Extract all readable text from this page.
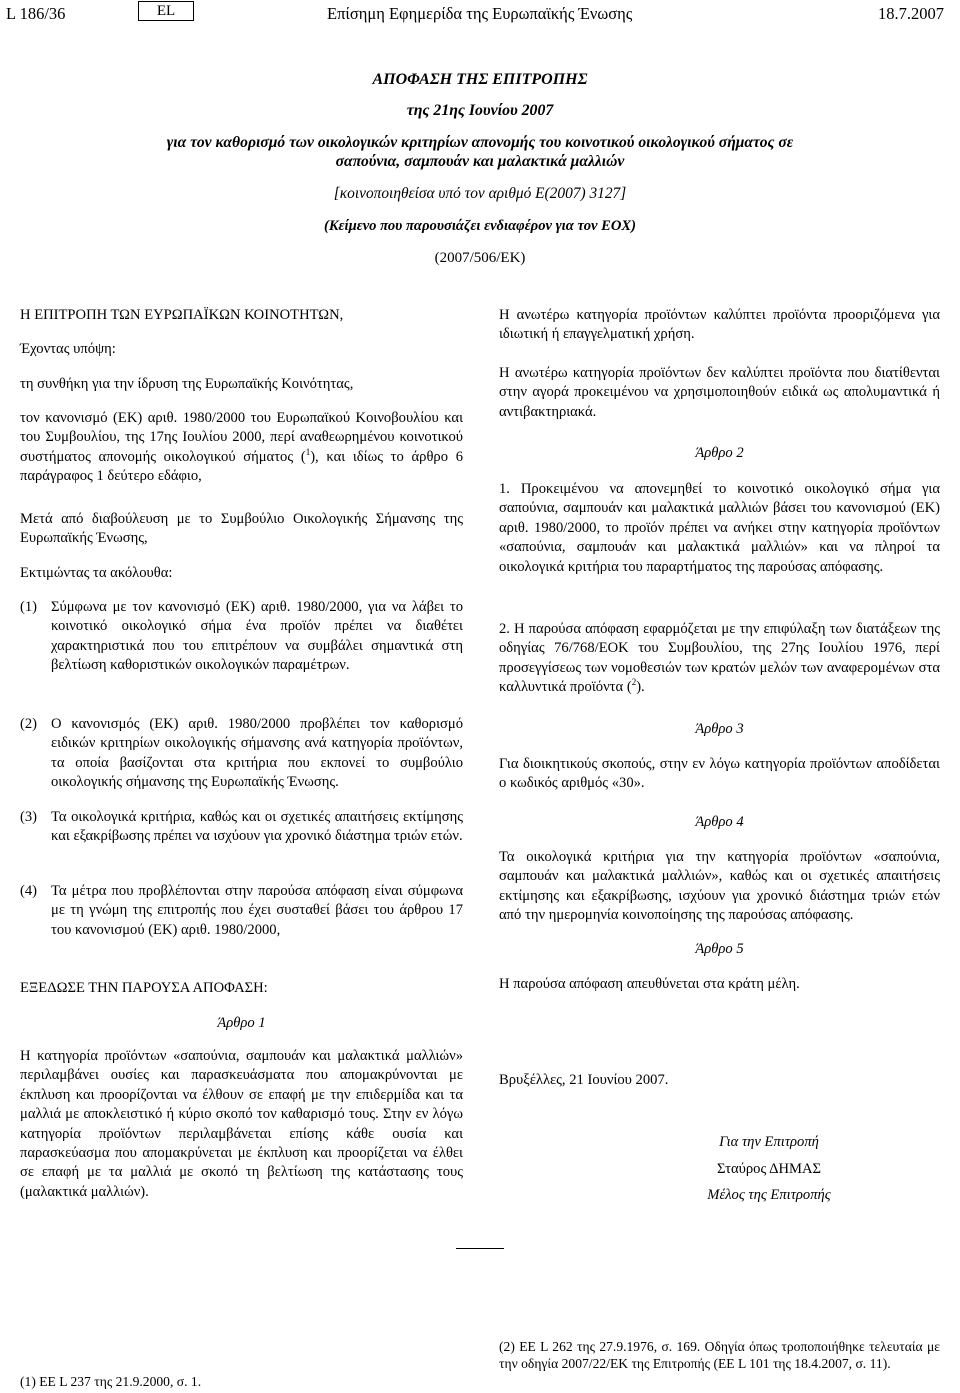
L 186/36	EL	Επίσημη Εφημερίδα της Ευρωπαϊκής Ένωσης	18.7.2007
ΑΠΟΦΑΣΗ ΤΗΣ ΕΠΙΤΡΟΠΗΣ
της 21ης Ιουνίου 2007
για τον καθορισμό των οικολογικών κριτηρίων απονομής του κοινοτικού οικολογικού σήματος σε
σαπούνια, σαμπουάν και μαλακτικά μαλλιών
[κοινοποιηθείσα υπό τον αριθμό Ε(2007) 3127]
(Κείμενο που παρουσιάζει ενδιαφέρον για τον ΕΟΧ)
(2007/506/ΕΚ)
Η ΕΠΙΤΡΟΠΗ ΤΩΝ ΕΥΡΩΠΑΪΚΩΝ ΚΟΙΝΟΤΗΤΩΝ,
Έχοντας υπόψη:
τη συνθήκη για την ίδρυση της Ευρωπαϊκής Κοινότητας,

τον κανονισμό (ΕΚ) αριθ. 1980/2000 του Ευρωπαϊκού Κοινοβουλίου και του Συμβουλίου, της 17ης Ιουλίου 2000, περί αναθεωρημένου κοινοτικού συστήματος απονομής οικολογικού σήματος ($^1$), και ιδίως το άρθρο 6 παράγραφος 1 δεύτερο εδάφιο,

Μετά από διαβούλευση με το Συμβούλιο Οικολογικής Σήμανσης της Ευρωπαϊκής Ένωσης,

Εκτιμώντας τα ακόλουθα:
(1) Σύμφωνα με τον κανονισμό (ΕΚ) αριθ. 1980/2000, για να λάβει το κοινοτικό οικολογικό σήμα ένα προϊόν πρέπει να διαθέτει χαρακτηριστικά που του επιτρέπουν να συμβάλει σημαντικά στη βελτίωση καθοριστικών οικολογικών παραμέτρων.

(2) Ο κανονισμός (ΕΚ) αριθ. 1980/2000 προβλέπει τον καθορισμό ειδικών κριτηρίων οικολογικής σήμανσης ανά κατηγορία προϊόντων, τα οποία βασίζονται στα κριτήρια που εκπονεί το συμβούλιο οικολογικής σήμανσης της Ευρωπαϊκής Ένωσης.

(3) Τα οικολογικά κριτήρια, καθώς και οι σχετικές απαιτήσεις εκτίμησης και εξακρίβωσης πρέπει να ισχύουν για χρονικό διάστημα τριών ετών.

(4) Τα μέτρα που προβλέπονται στην παρούσα απόφαση είναι σύμφωνα με τη γνώμη της επιτροπής που έχει συσταθεί βάσει του άρθρου 17 του κανονισμού (ΕΚ) αριθ. 1980/2000,

ΕΞΕΔΩΣΕ ΤΗΝ ΠΑΡΟΥΣΑ ΑΠΟΦΑΣΗ:
Άρθρο 1

Η κατηγορία προϊόντων «σαπούνια, σαμπουάν και μαλακτικά μαλλιών» περιλαμβάνει ουσίες και παρασκευάσματα που απομακρύνονται με έκπλυση και προορίζονται να έλθουν σε επαφή με την επιδερμίδα και τα μαλλιά με αποκλειστικό ή κύριο σκοπό τον καθαρισμό τους. Στην εν λόγω κατηγορία προϊόντων περιλαμβάνεται επίσης κάθε ουσία και παρασκεύασμα που απομακρύνεται με έκπλυση και προορίζεται να έλθει σε επαφή με τα μαλλιά με σκοπό τη βελτίωση της κατάστασης τους (μαλακτικά μαλλιών).

(1) ΕΕ L 237 της 21.9.2000, σ. 1.

Η ανωτέρω κατηγορία προϊόντων καλύπτει προϊόντα προοριζόμενα για ιδιωτική ή επαγγελματική χρήση.

Η ανωτέρω κατηγορία προϊόντων δεν καλύπτει προϊόντα που διατίθενται στην αγορά προκειμένου να χρησιμοποιηθούν ειδικά ως απολυμαντικά ή αντιβακτηριακά.

Άρθρο 2

1. Προκειμένου να απονεμηθεί το κοινοτικό οικολογικό σήμα για σαπούνια, σαμπουάν και μαλακτικά μαλλιών βάσει του κανονισμού (ΕΚ) αριθ. 1980/2000, το προϊόν πρέπει να ανήκει στην κατηγορία προϊόντων «σαπούνια, σαμπουάν και μαλακτικά μαλλιών» και να πληροί τα οικολογικά κριτήρια του παραρτήματος της παρούσας απόφασης.

2. Η παρούσα απόφαση εφαρμόζεται με την επιφύλαξη των διατάξεων της οδηγίας 76/768/ΕΟΚ του Συμβουλίου, της 27ης Ιουλίου 1976, περί προσεγγίσεως των νομοθεσιών των κρατών μελών των αναφερομένων στα καλλυντικά προϊόντα ($^2$).

Άρθρο 3

Για διοικητικούς σκοπούς, στην εν λόγω κατηγορία προϊόντων αποδίδεται ο κωδικός αριθμός «30».

Άρθρο 4

Τα οικολογικά κριτήρια για την κατηγορία προϊόντων «σαπούνια, σαμπουάν και μαλακτικά μαλλιών», καθώς και οι σχετικές απαιτήσεις εκτίμησης και εξακρίβωσης, ισχύουν για χρονικό διάστημα τριών ετών από την ημερομηνία κοινοποίησης της παρούσας απόφασης.

Άρθρο 5
Η παρούσα απόφαση απευθύνεται στα κράτη μέλη.
Βρυξέλλες, 21 Ιουνίου 2007.
Για την Επιτροπή
Σταύρος ΔΗΜΑΣ
Μέλος της Επιτροπής
(2) ΕΕ L 262 της 27.9.1976, σ. 169. Οδηγία όπως τροποποιήθηκε τελευταία με την οδηγία 2007/22/ΕΚ της Επιτροπής (ΕΕ L 101 της 18.4.2007, σ. 11).
